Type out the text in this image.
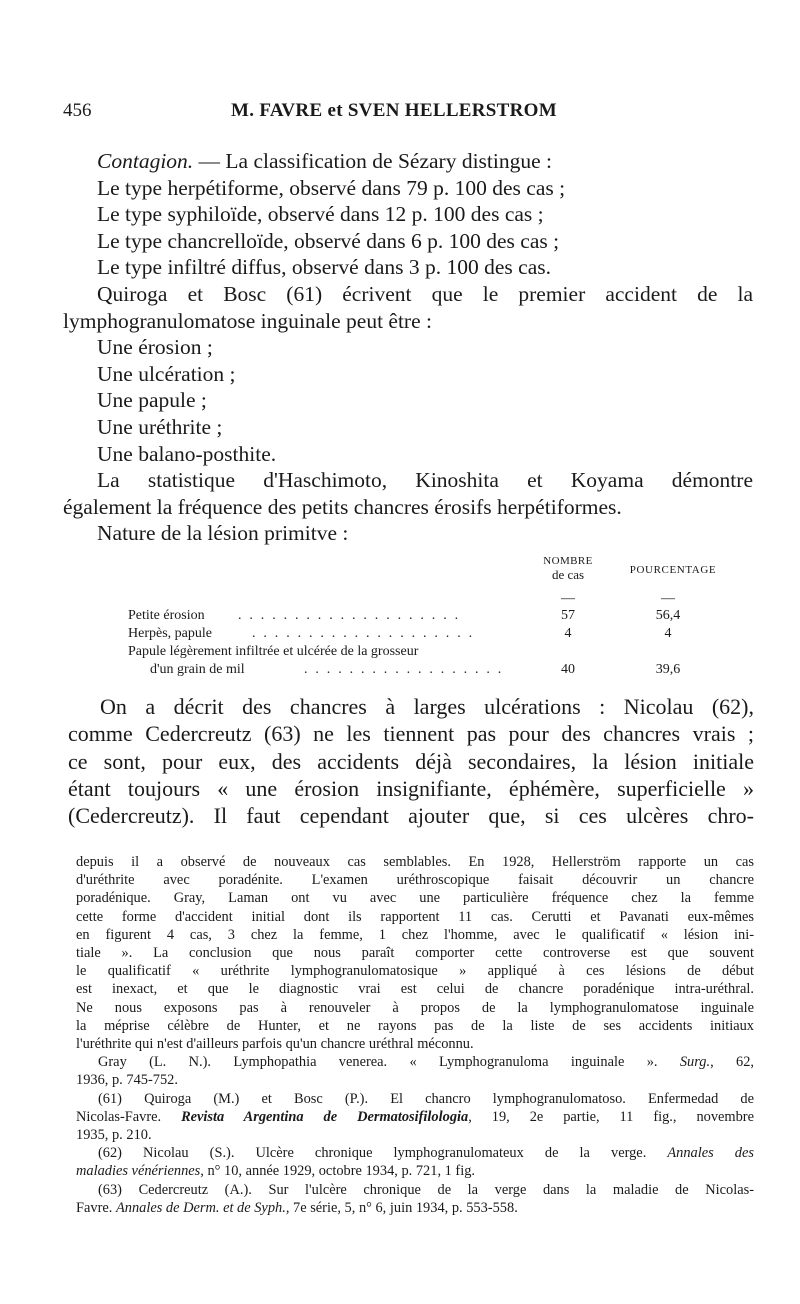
456	M. FAVRE et SVEN HELLERSTROM

Contagion. — La classification de Sézary distingue :

Le type herpétiforme, observé dans 79 p. 100 des cas ;

Le type syphiloïde, observé dans 12 p. 100 des cas ;

Le type chancrelloïde, observé dans 6 p. 100 des cas ;

Le type infiltré diffus, observé dans 3 p. 100 des cas.

Quiroga et Bosc (61) écrivent que le premier accident de la

lymphogranulomatose inguinale peut être :

Une érosion ;

Une ulcération ;

Une papule ;

Une uréthrite ;

Une balano-posthite.

La statistique d'Haschimoto, Kinoshita et Koyama démontre

également la fréquence des petits chancres érosifs herpétiformes.

Nature de la lésion primitve :

NOMBRE
de cas	POURCENTAGE
—	—
Petite érosion . . . . . . . . . . . . . . . . . . . .	57	56,4
Herpès, papule	. . . . . . . . . . . . . . . . . . . .	4	4
Papule légèrement infiltrée et ulcérée de la grosseur
d'un grain de mil	. . . . . . . . . . . . . . . . . .	40	39,6

On a décrit des chancres à larges ulcérations : Nicolau (62),

comme Cedercreutz (63) ne les tiennent pas pour des chancres vrais ;

ce sont, pour eux, des accidents déjà secondaires, la lésion initiale

étant toujours « une érosion insignifiante, éphémère, superficielle »

(Cedercreutz). Il faut cependant ajouter que, si ces ulcères chro-

depuis il a observé de nouveaux cas semblables. En 1928, Hellerström rapporte un cas

d'uréthrite avec poradénite. L'examen uréthroscopique faisait découvrir un chancre

poradénique. Gray, Laman ont vu avec une particulière fréquence chez la femme

cette forme d'accident initial dont ils rapportent 11 cas. Cerutti et Pavanati eux-mêmes

en figurent 4 cas, 3 chez la femme, 1 chez l'homme, avec le qualificatif « lésion ini-

tiale ». La conclusion que nous paraît comporter cette controverse est que souvent

le qualificatif « uréthrite lymphogranulomatosique » appliqué à ces lésions de début

est inexact, et que le diagnostic vrai est celui de chancre poradénique intra-uréthral.

Ne nous exposons pas à renouveler à propos de la lymphogranulomatose inguinale

la méprise célèbre de Hunter, et ne rayons pas de la liste de ses accidents initiaux

l'uréthrite qui n'est d'ailleurs parfois qu'un chancre uréthral méconnu.

Gray (L. N.). Lymphopathia venerea. « Lymphogranuloma inguinale ». Surg., 62,

1936, p. 745-752.

(61) Quiroga (M.) et Bosc (P.). El chancro lymphogranulomatoso. Enfermedad de

Nicolas-Favre. Revista Argentina de Dermatosifilologia, 19, 2e partie, 11 fig., novembre

1935, p. 210.

(62) Nicolau (S.). Ulcère chronique lymphogranulomateux de la verge. Annales des

maladies vénériennes, n° 10, année 1929, octobre 1934, p. 721, 1 fig.

(63) Cedercreutz (A.). Sur l'ulcère chronique de la verge dans la maladie de Nicolas-

Favre. Annales de Derm. et de Syph., 7e série, 5, n° 6, juin 1934, p. 553-558.
